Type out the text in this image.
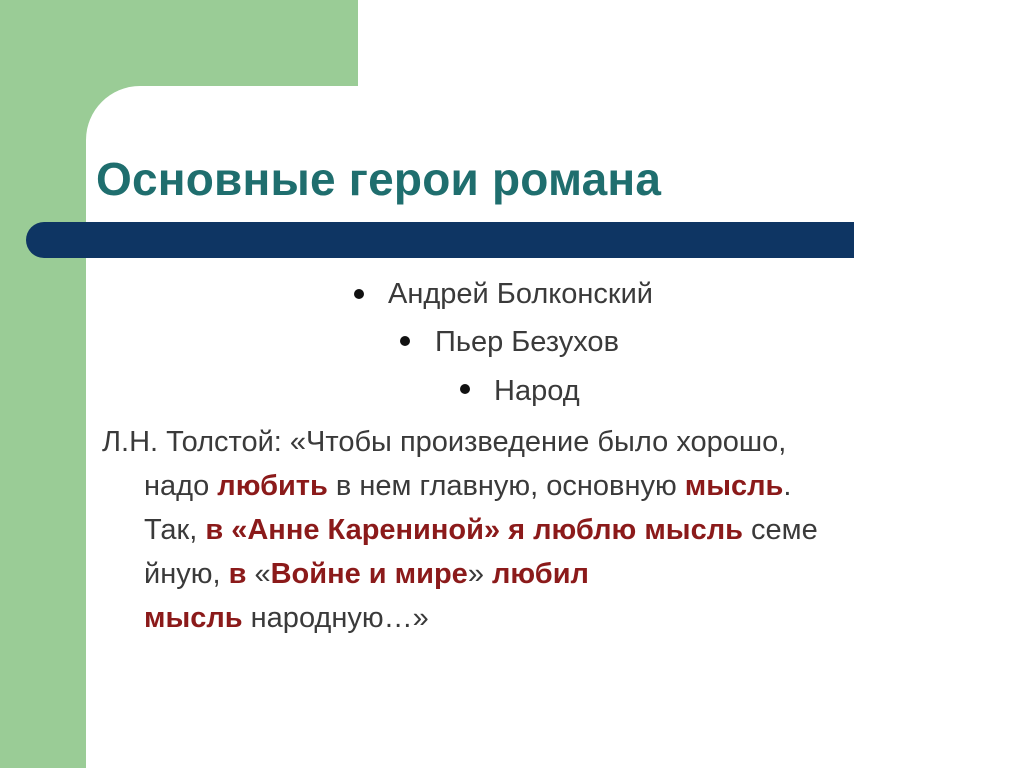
Основные герои романа
Андрей Болконский
Пьер Безухов
Народ
Л.Н. Толстой: «Чтобы произведение было хорошо,
надо любить в нем главную, основную мысль.
Так, в «Анне Карениной» я люблю мысль семе
йную, в «Войне и мире» любил
мысль народную…»
